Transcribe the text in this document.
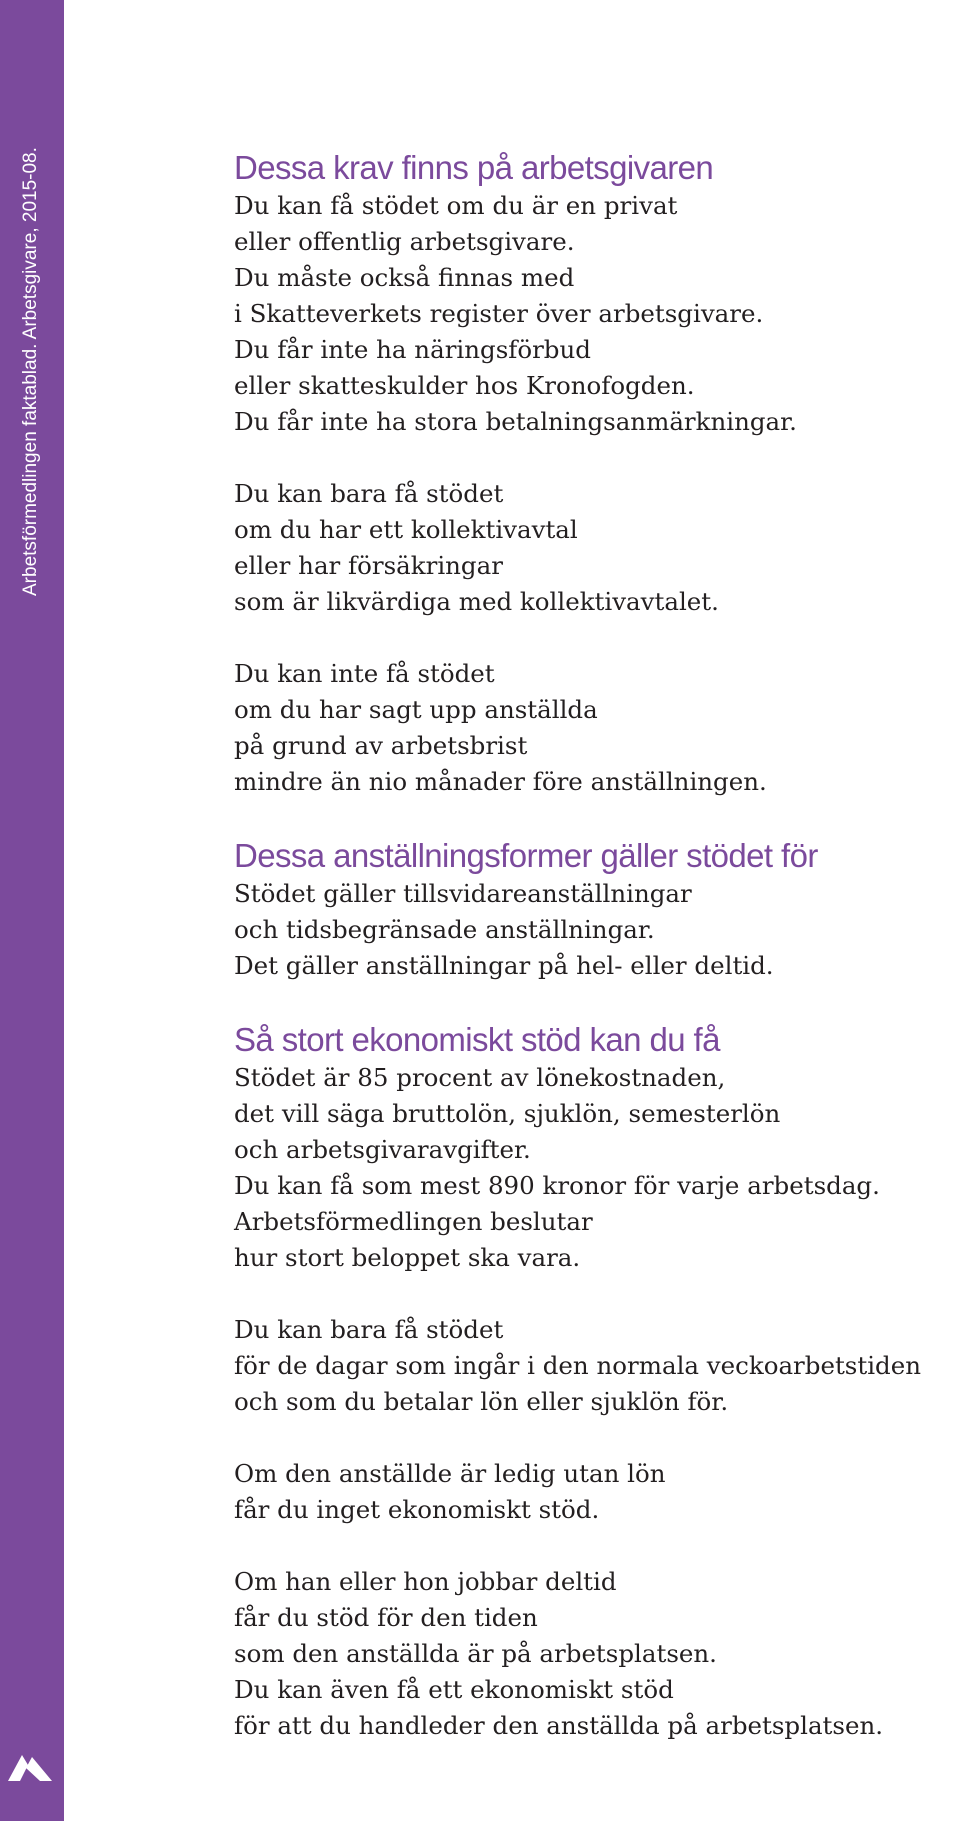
Arbetsförmedlingen faktablad. Arbetsgivare, 2015-08.	Dessa krav finns på arbetsgivaren

Du kan få stödet om du är en privat
eller offentlig arbetsgivare.
Du måste också finnas med
i Skatteverkets register över arbetsgivare.
Du får inte ha näringsförbud
eller skatteskulder hos Kronofogden.
Du får inte ha stora betalningsanmärkningar.

Du kan bara få stödet
om du har ett kollektivavtal
eller har försäkringar
som är likvärdiga med kollektivavtalet.

Du kan inte få stödet
om du har sagt upp anställda
på grund av arbetsbrist
mindre än nio månader före anställningen.

Dessa anställningsformer gäller stödet för

Stödet gäller tillsvidareanställningar
och tidsbegränsade anställningar.
Det gäller anställningar på hel- eller deltid.

Så stort ekonomiskt stöd kan du få

Stödet är 85 procent av lönekostnaden,
det vill säga bruttolön, sjuklön, semesterlön
och arbetsgivaravgifter.
Du kan få som mest 890 kronor för varje arbetsdag.
Arbetsförmedlingen beslutar
hur stort beloppet ska vara.

Du kan bara få stödet
för de dagar som ingår i den normala veckoarbetstiden
och som du betalar lön eller sjuklön för.

Om den anställde är ledig utan lön
får du inget ekonomiskt stöd.

Om han eller hon jobbar deltid
får du stöd för den tiden
som den anställda är på arbetsplatsen.
Du kan även få ett ekonomiskt stöd
för att du handleder den anställda på arbetsplatsen.
